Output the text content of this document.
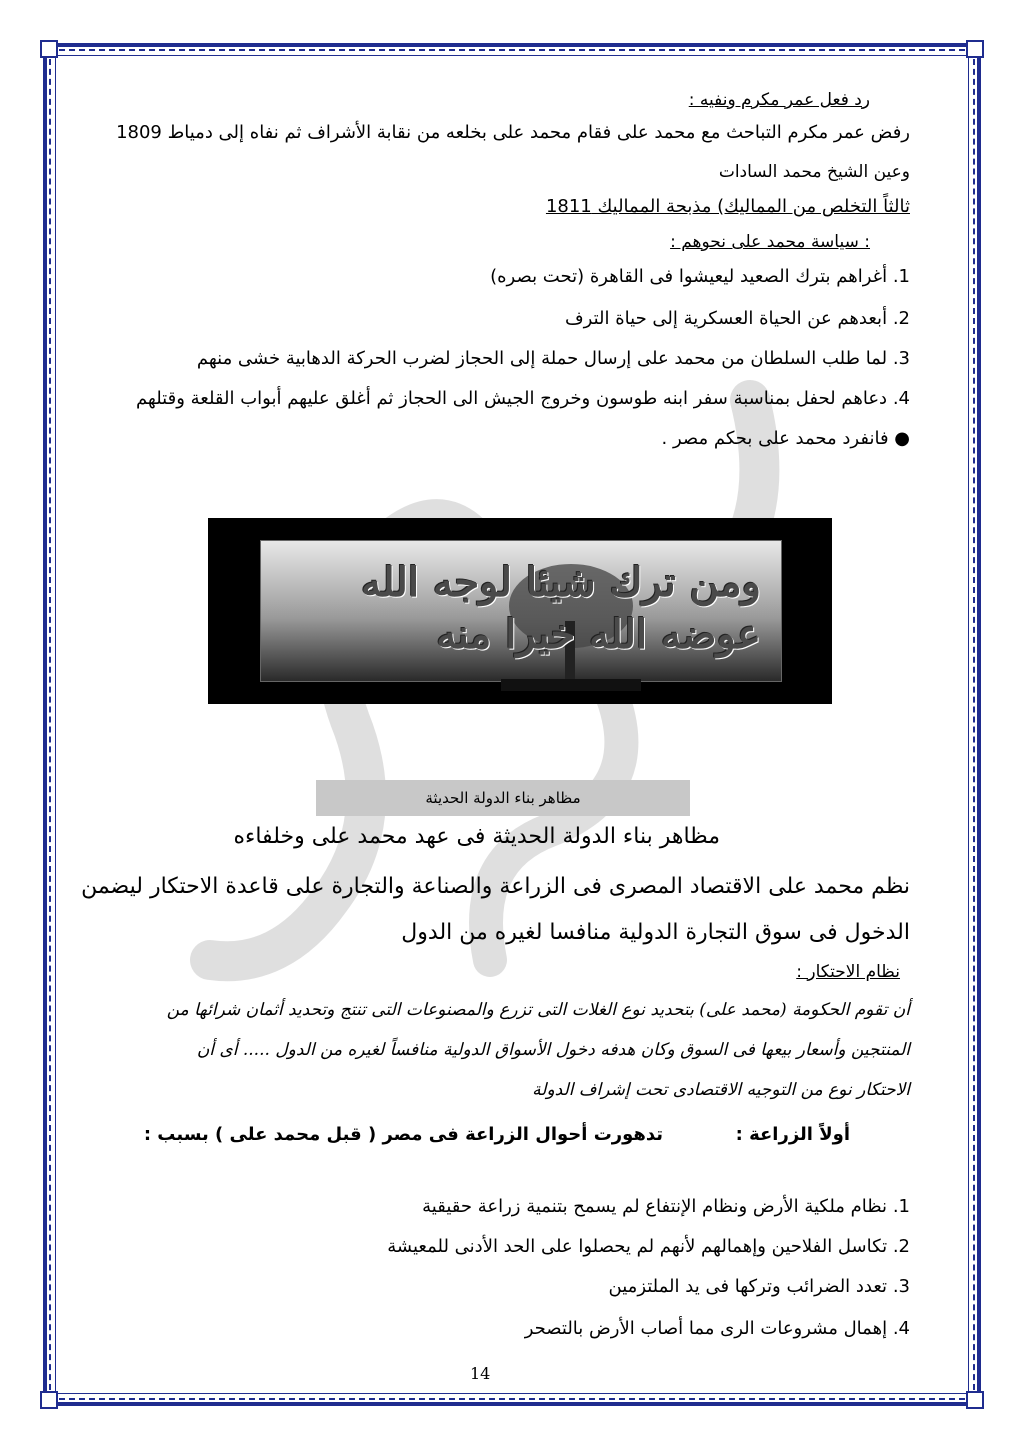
رد فعل عمر مكرم ونفيه :
رفض عمر مكرم التباحث مع محمد على فقام محمد على بخلعه من نقابة الأشراف ثم نفاه إلى دمياط 1809
وعين الشيخ محمد السادات
ثالثاً التخلص من المماليك) مذبحة المماليك 1811
: سياسة محمد على نحوهم :
1. أغراهم بترك الصعيد ليعيشوا فى القاهرة (تحت بصره)
2. أبعدهم عن الحياة العسكرية إلى حياة الترف
3. لما طلب السلطان من محمد على إرسال حملة إلى الحجاز لضرب الحركة الدهابية خشى منهم
4. دعاهم لحفل بمناسبة سفر ابنه طوسون وخروج الجيش الى الحجاز ثم أغلق عليهم أبواب القلعة وقتلهم
● فانفرد محمد على بحكم مصر .
ومن ترك شيئا لوجه الله
عوضه الله خيرا منه
مظاهر بناء الدولة الحديثة
مظاهر بناء الدولة الحديثة فى عهد محمد على وخلفاءه
نظم محمد على الاقتصاد المصرى فى الزراعة والصناعة والتجارة على قاعدة الاحتكار ليضمن
الدخول فى سوق التجارة الدولية منافسا لغيره من الدول
نظام الاحتكار :
أن تقوم الحكومة (محمد على) بتحديد نوع الغلات التى تزرع والمصنوعات التى تنتج وتحديد أثمان شرائها من
المنتجين وأسعار بيعها فى السوق وكان هدفه دخول الأسواق الدولية منافساً لغيره من الدول ..... أى أن
الاحتكار نوع من التوجيه الاقتصادى تحت إشراف الدولة
أولاً الزراعة :  تدهورت أحوال الزراعة فى مصر ( قبل محمد على ) بسبب :
1. نظام ملكية الأرض ونظام الإنتفاع لم يسمح بتنمية زراعة حقيقية
2. تكاسل الفلاحين وإهمالهم لأنهم لم يحصلوا على الحد الأدنى للمعيشة
3. تعدد الضرائب وتركها فى يد الملتزمين
4. إهمال مشروعات الرى مما أصاب الأرض بالتصحر
14
